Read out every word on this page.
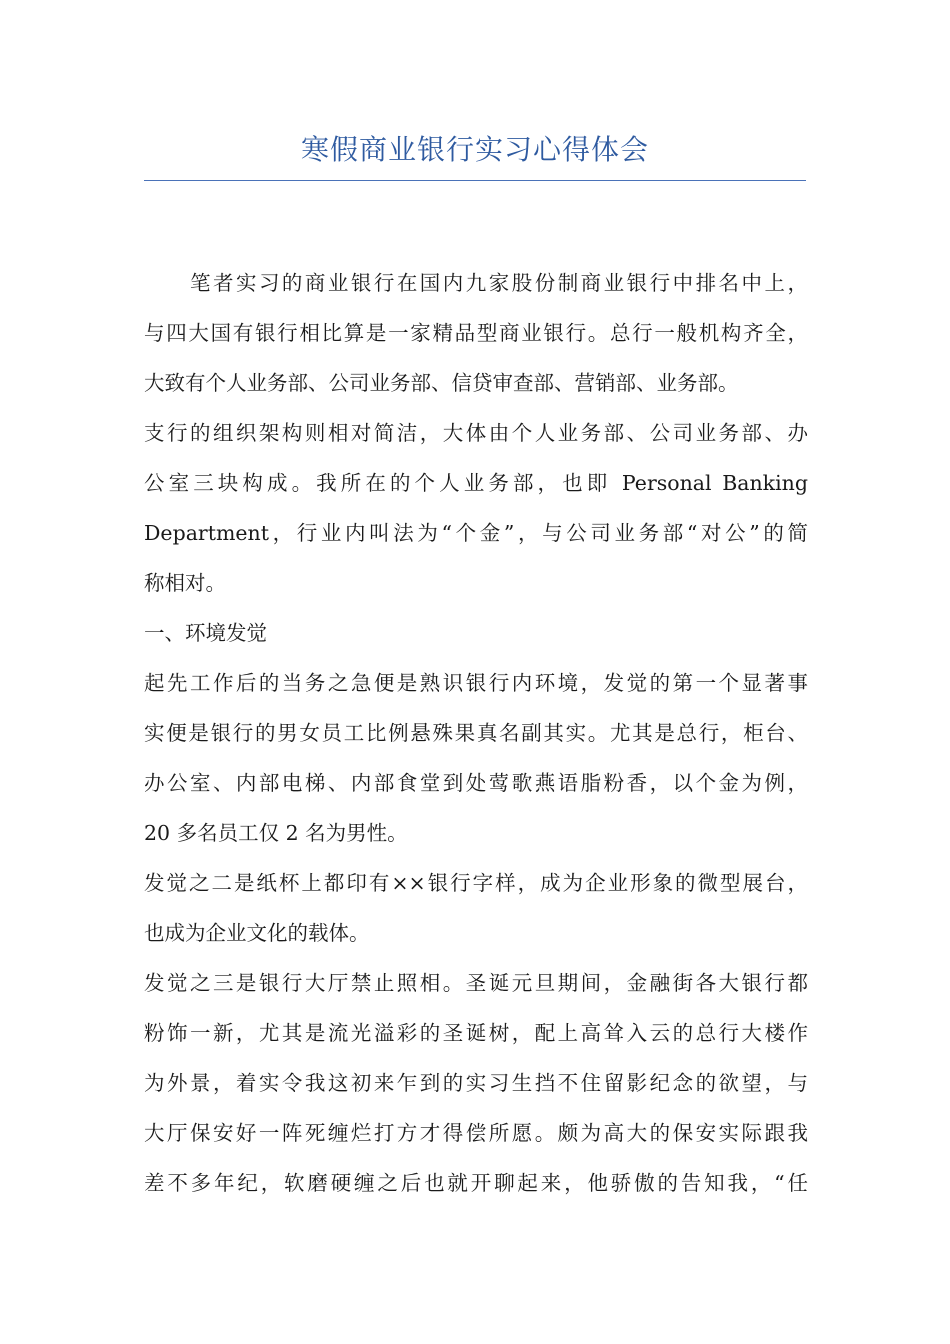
寒假商业银行实习心得体会
笔者实习的商业银行在国内九家股份制商业银行中排名中上，
与四大国有银行相比算是一家精品型商业银行。总行一般机构齐全，
大致有个人业务部、公司业务部、信贷审查部、营销部、业务部。
支行的组织架构则相对简洁，大体由个人业务部、公司业务部、办
公室三块构成。我所在的个人业务部，也即 Personal Banking
Department，行业内叫法为“个金”，与公司业务部“对公”的简
称相对。
一、环境发觉
起先工作后的当务之急便是熟识银行内环境，发觉的第一个显著事
实便是银行的男女员工比例悬殊果真名副其实。尤其是总行，柜台、
办公室、内部电梯、内部食堂到处莺歌燕语脂粉香，以个金为例，
20 多名员工仅 2 名为男性。
发觉之二是纸杯上都印有××银行字样，成为企业形象的微型展台，
也成为企业文化的载体。
发觉之三是银行大厅禁止照相。圣诞元旦期间，金融街各大银行都
粉饰一新，尤其是流光溢彩的圣诞树，配上高耸入云的总行大楼作
为外景，着实令我这初来乍到的实习生挡不住留影纪念的欲望，与
大厅保安好一阵死缠烂打方才得偿所愿。颇为高大的保安实际跟我
差不多年纪，软磨硬缠之后也就开聊起来，他骄傲的告知我，“任
